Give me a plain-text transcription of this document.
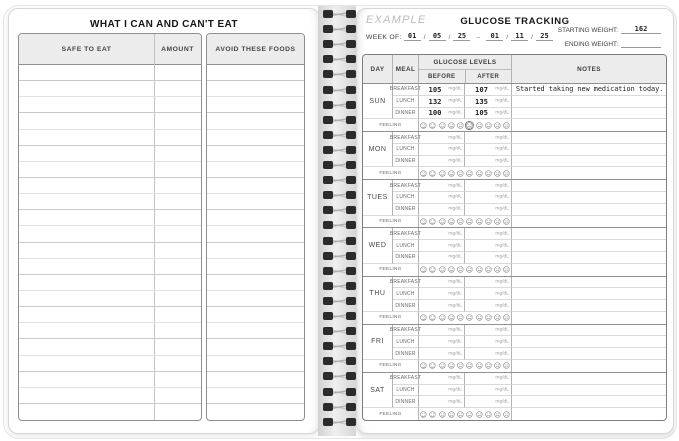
WHAT I CAN AND CAN'T EAT
SAFE TO EAT	AMOUNT	AVOID THESE FOODS
EXAMPLE	GLUCOSE TRACKING
WEEK OF: 01	/	05	/	25	–	01	/	11	/	25
STARTING WEIGHT:	162
ENDING WEIGHT:
DAY	MEAL
GLUCOSE LEVELS
BEFORE	AFTER
NOTES
SUN
BREAKFAST 105 mg/dL 107 mg/dL Started taking new medication today.
LUNCH	132 mg/dL 135 mg/dL
DINNER	100 mg/dL 105 mg/dL
FEELING
MON
BREAKFAST	mg/dL	mg/dL
LUNCH	mg/dL	mg/dL
DINNER	mg/dL	mg/dL
FEELING
TUES
BREAKFAST	mg/dL	mg/dL
LUNCH	mg/dL	mg/dL
DINNER	mg/dL	mg/dL
FEELING
WED
BREAKFAST	mg/dL	mg/dL
LUNCH	mg/dL	mg/dL
DINNER	mg/dL	mg/dL
FEELING
THU
BREAKFAST	mg/dL	mg/dL
LUNCH	mg/dL	mg/dL
DINNER	mg/dL	mg/dL
FEELING
FRI
BREAKFAST	mg/dL	mg/dL
LUNCH	mg/dL	mg/dL
DINNER	mg/dL	mg/dL
FEELING
SAT
BREAKFAST	mg/dL	mg/dL
LUNCH	mg/dL	mg/dL
DINNER	mg/dL	mg/dL
FEELING
